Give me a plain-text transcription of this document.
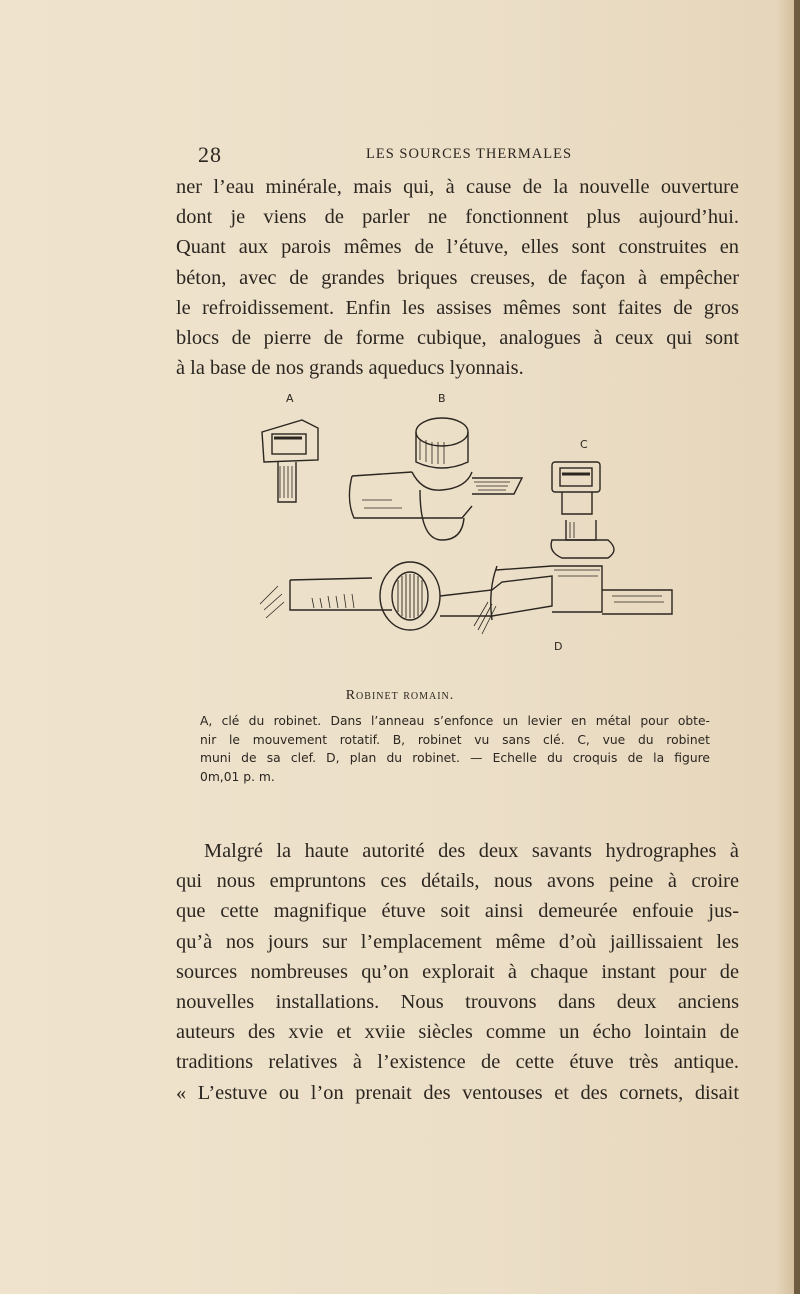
28	LES SOURCES THERMALES
ner l’eau minérale, mais qui, à cause de la nouvelle ouverture
dont je viens de parler ne fonctionnent plus aujourd’hui.
Quant aux parois mêmes de l’étuve, elles sont construites en
béton, avec de grandes briques creuses, de façon à empêcher
le refroidissement. Enfin les assises mêmes sont faites de gros
blocs de pierre de forme cubique, analogues à ceux qui sont
à la base de nos grands aqueducs lyonnais.
A	B
C
D
Robinet romain.
A, clé du robinet. Dans l’anneau s’enfonce un levier en métal pour obte-
nir le mouvement rotatif. B, robinet vu sans clé. C, vue du robinet
muni de sa clef. D, plan du robinet. — Echelle du croquis de la figure
0m,01 p. m.
Malgré la haute autorité des deux savants hydrographes à
qui nous empruntons ces détails, nous avons peine à croire
que cette magnifique étuve soit ainsi demeurée enfouie jus-
qu’à nos jours sur l’emplacement même d’où jaillissaient les
sources nombreuses qu’on explorait à chaque instant pour de
nouvelles installations. Nous trouvons dans deux anciens
auteurs des xvie et xviie siècles comme un écho lointain de
traditions relatives à l’existence de cette étuve très antique.
« L’estuve ou l’on prenait des ventouses et des cornets, disait
